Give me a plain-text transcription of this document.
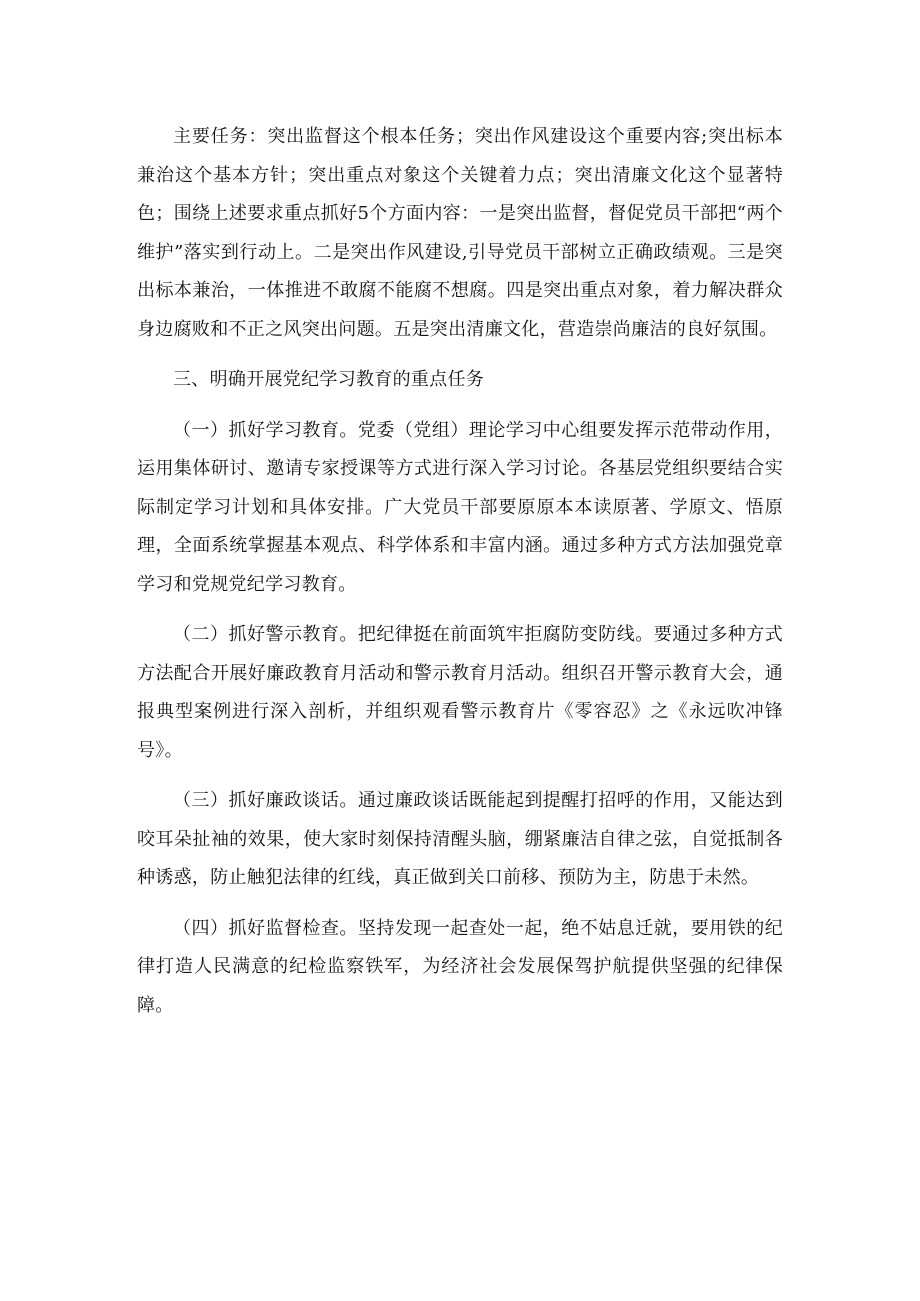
主要任务：突出监督这个根本任务；突出作风建设这个重要内容;突出标本兼治这个基本方针；突出重点对象这个关键着力点；突出清廉文化这个显著特色；围绕上述要求重点抓好5个方面内容：一是突出监督，督促党员干部把“两个维护”落实到行动上。二是突出作风建设,引导党员干部树立正确政绩观。三是突出标本兼治，一体推进不敢腐不能腐不想腐。四是突出重点对象，着力解决群众身边腐败和不正之风突出问题。五是突出清廉文化，营造崇尚廉洁的良好氛围。

三、明确开展党纪学习教育的重点任务

（一）抓好学习教育。党委（党组）理论学习中心组要发挥示范带动作用，运用集体研讨、邀请专家授课等方式进行深入学习讨论。各基层党组织要结合实际制定学习计划和具体安排。广大党员干部要原原本本读原著、学原文、悟原理，全面系统掌握基本观点、科学体系和丰富内涵。通过多种方式方法加强党章学习和党规党纪学习教育。

（二）抓好警示教育。把纪律挺在前面筑牢拒腐防变防线。要通过多种方式方法配合开展好廉政教育月活动和警示教育月活动。组织召开警示教育大会，通报典型案例进行深入剖析，并组织观看警示教育片《零容忍》之《永远吹冲锋号》。

（三）抓好廉政谈话。通过廉政谈话既能起到提醒打招呼的作用，又能达到咬耳朵扯袖的效果，使大家时刻保持清醒头脑，绷紧廉洁自律之弦，自觉抵制各种诱惑，防止触犯法律的红线，真正做到关口前移、预防为主，防患于未然。

（四）抓好监督检查。坚持发现一起查处一起，绝不姑息迁就，要用铁的纪律打造人民满意的纪检监察铁军，为经济社会发展保驾护航提供坚强的纪律保障。
